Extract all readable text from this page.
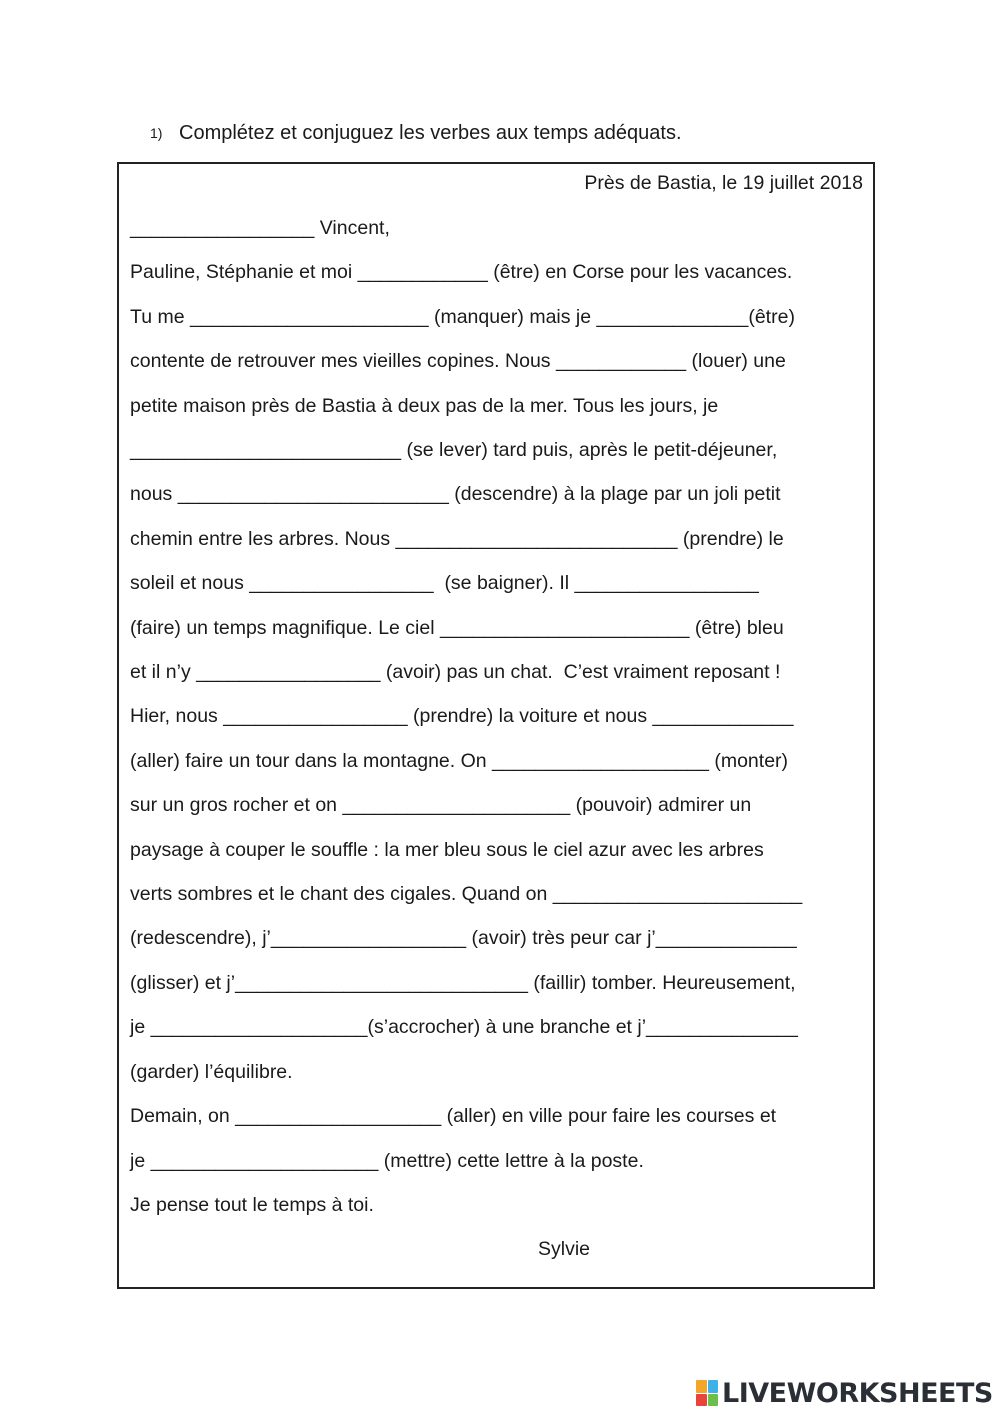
1) Complétez et conjuguez les verbes aux temps adéquats.
Près de Bastia, le 19 juillet 2018
_________________ Vincent,
Pauline, Stéphanie et moi ____________ (être) en Corse pour les vacances.
Tu me ______________________ (manquer) mais je ______________(être)
contente de retrouver mes vieilles copines. Nous ____________ (louer) une
petite maison près de Bastia à deux pas de la mer. Tous les jours, je
_________________________ (se lever) tard puis, après le petit-déjeuner,
nous _________________________ (descendre) à la plage par un joli petit
chemin entre les arbres. Nous __________________________ (prendre) le
soleil et nous _________________  (se baigner). Il _________________
(faire) un temps magnifique. Le ciel _______________________ (être) bleu
et il n’y _________________ (avoir) pas un chat.  C’est vraiment reposant !
Hier, nous _________________ (prendre) la voiture et nous _____________
(aller) faire un tour dans la montagne. On ____________________ (monter)
sur un gros rocher et on _____________________ (pouvoir) admirer un
paysage à couper le souffle : la mer bleu sous le ciel azur avec les arbres
verts sombres et le chant des cigales. Quand on _______________________
(redescendre), j’__________________ (avoir) très peur car j’_____________
(glisser) et j’___________________________ (faillir) tomber. Heureusement,
je ____________________(s’accrocher) à une branche et j’______________
(garder) l’équilibre.
Demain, on ___________________ (aller) en ville pour faire les courses et
je _____________________ (mettre) cette lettre à la poste.
Je pense tout le temps à toi.
Sylvie
LIVEWORKSHEETS
